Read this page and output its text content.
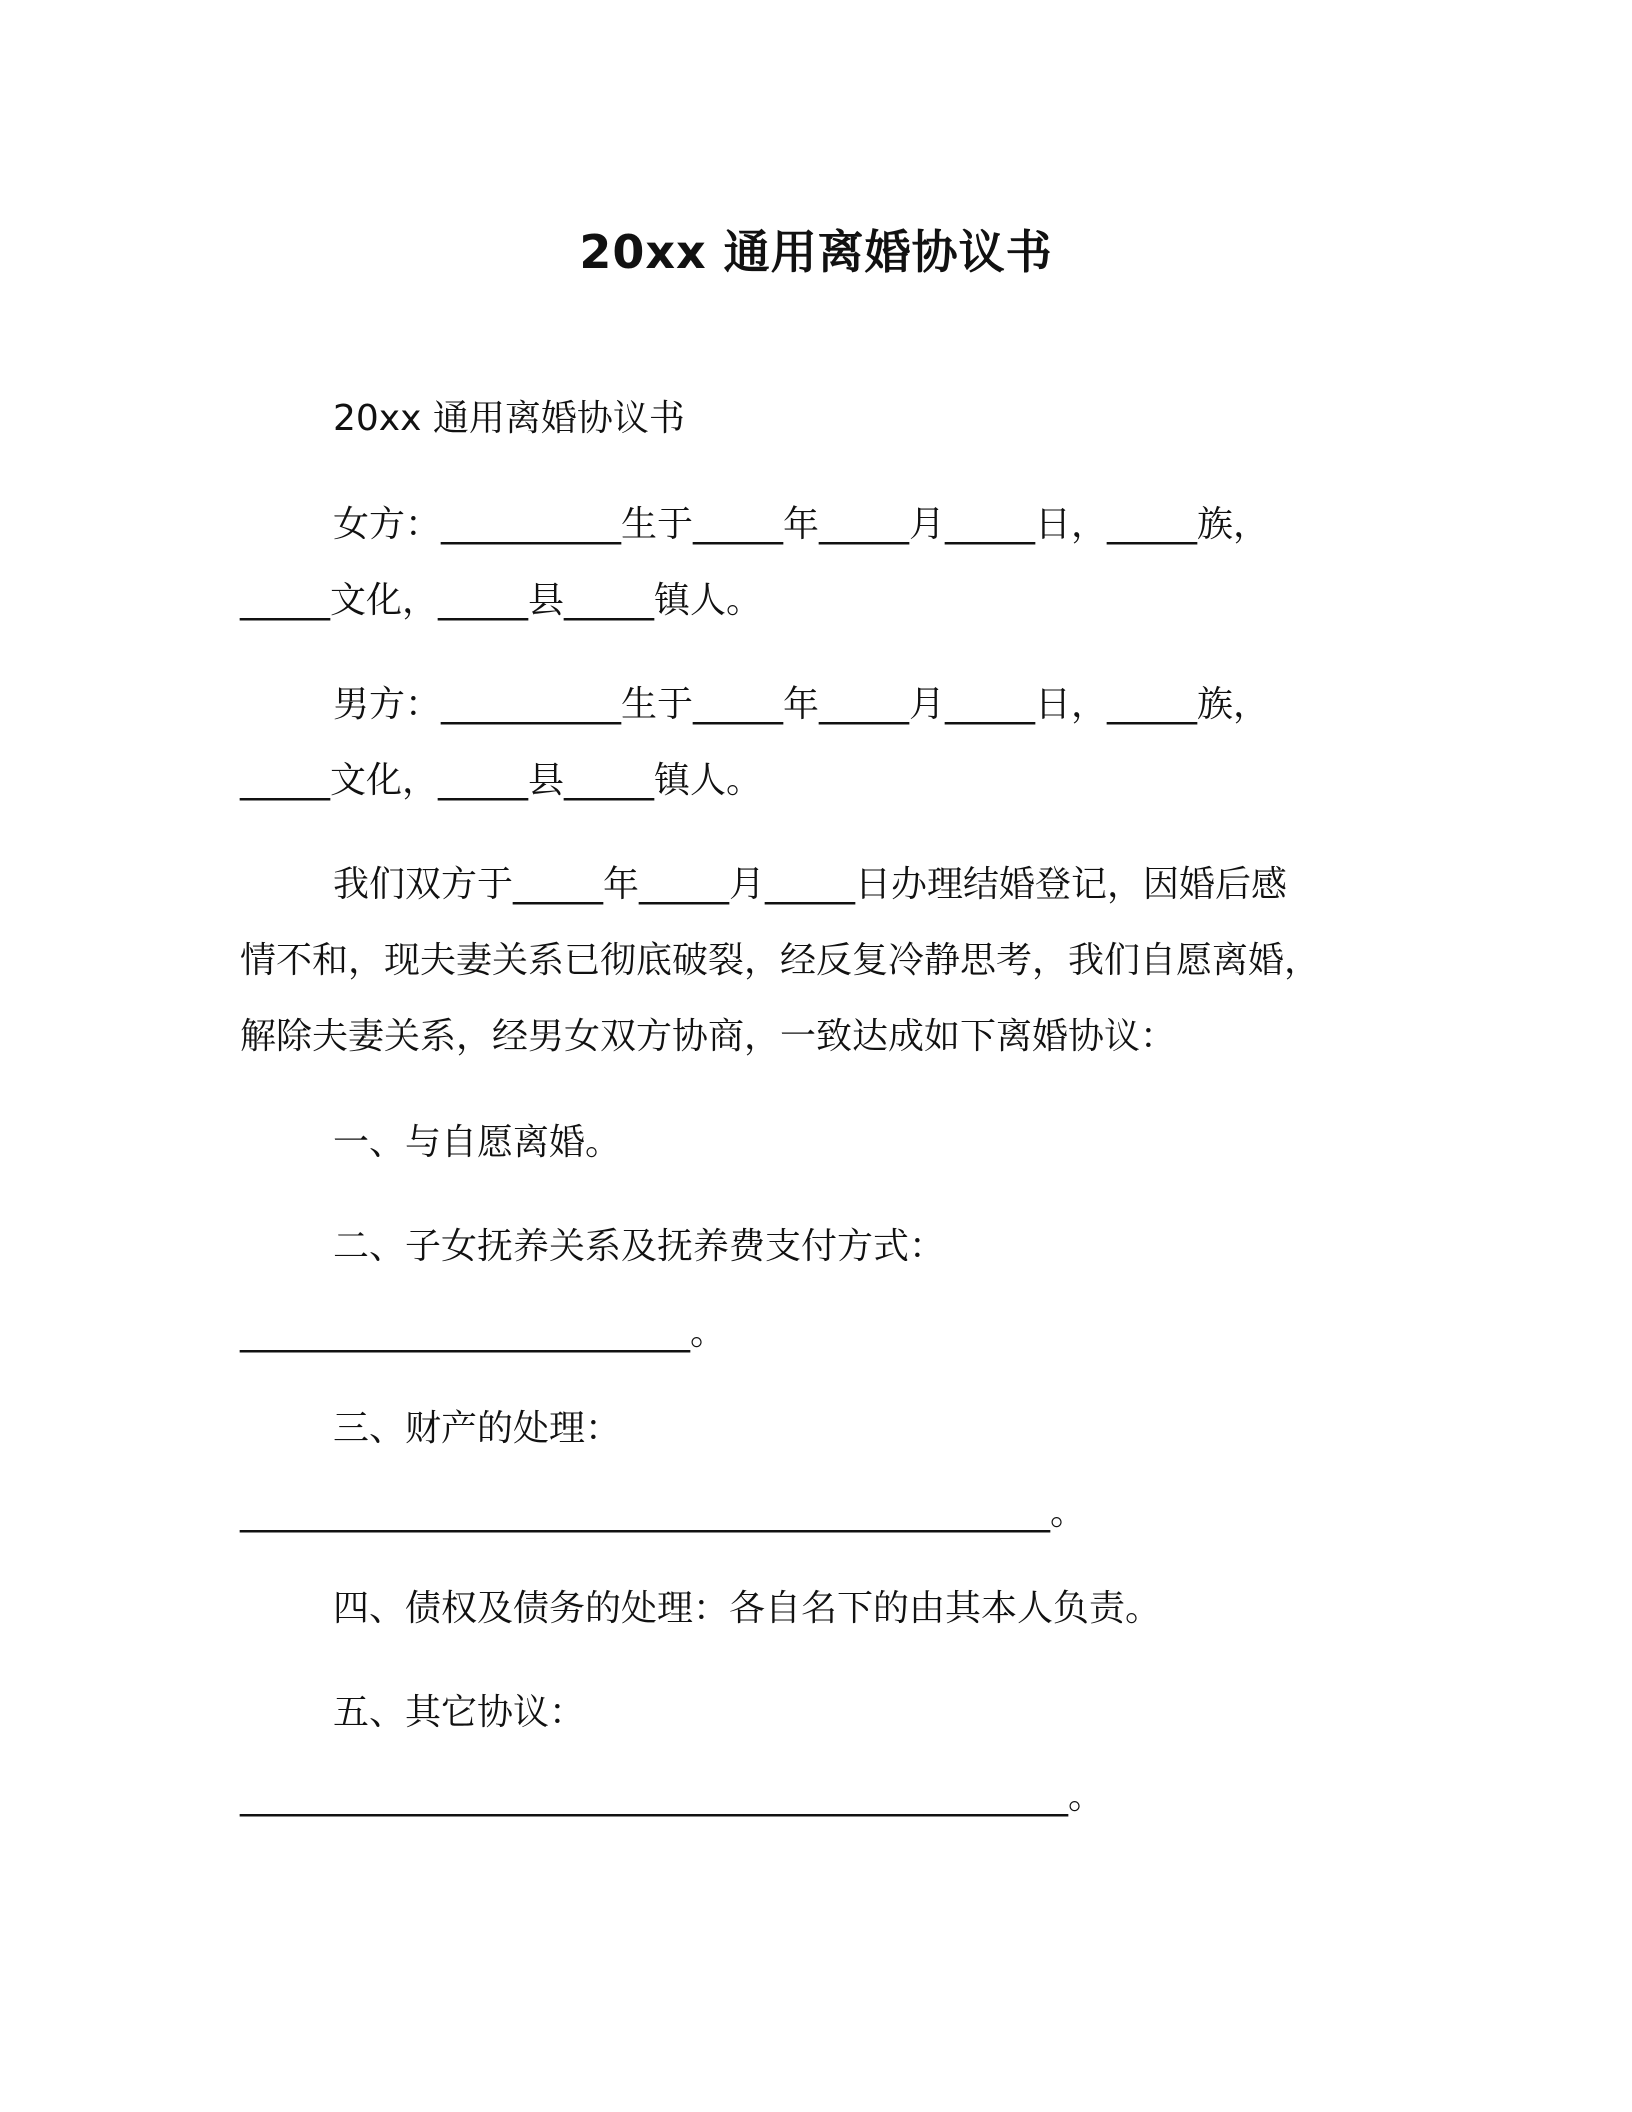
20xx 通用离婚协议书
20xx 通用离婚协议书
女方：__________生于_____年_____月_____日，_____族，
_____文化，_____县_____镇人。
男方：__________生于_____年_____月_____日，_____族，
_____文化，_____县_____镇人。
我们双方于_____年_____月_____日办理结婚登记，因婚后感
情不和，现夫妻关系已彻底破裂，经反复冷静思考，我们自愿离婚，
解除夫妻关系，经男女双方协商，一致达成如下离婚协议：
一、与自愿离婚。
二、子女抚养关系及抚养费支付方式：
_________________________。
三、财产的处理：
_____________________________________________。
四、债权及债务的处理：各自名下的由其本人负责。
五、其它协议：
______________________________________________。
